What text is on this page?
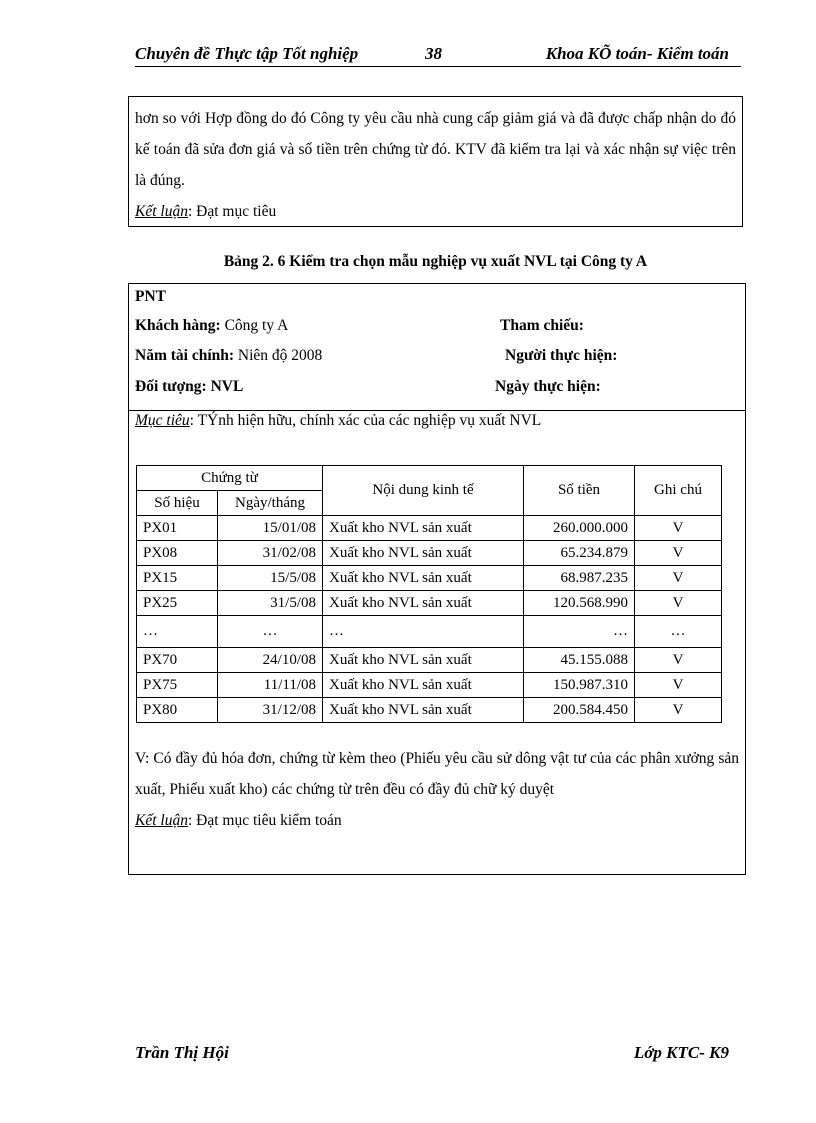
Chuyên đề Thực tập Tốt nghiệp	38	Khoa KÕ toán- Kiểm toán

hơn so với Hợp đồng do đó Công ty yêu cầu nhà cung cấp giảm giá và đã được chấp nhận do đó kế toán đã sửa đơn giá và số tiền trên chứng từ đó. KTV đã kiểm tra lại và xác nhận sự việc trên là đúng.

Kết luận: Đạt mục tiêu

Bảng 2. 6 Kiểm tra chọn mẫu nghiệp vụ xuất NVL tại Công ty A
PNT
Khách hàng: Công ty A	Tham chiếu:
Năm tài chính: Niên độ 2008	Người thực hiện:
Đối tượng: NVL	Ngày thực hiện:
Mục tiêu: TÝnh hiện hữu, chính xác của các nghiệp vụ xuất NVL
Chứng từ		Nội dung kinh tế	Số tiền	Ghi chú
Số hiệu	Ngày/tháng			
PX01	15/01/08	Xuất kho NVL sản xuất	260.000.000	V
PX08	31/02/08	Xuất kho NVL sản xuất	65.234.879	V
PX15	15/5/08	Xuất kho NVL sản xuất	68.987.235	V
PX25	31/5/08	Xuất kho NVL sản xuất	120.568.990	V
…	…	…	…	…
PX70	24/10/08	Xuất kho NVL sản xuất	45.155.088	V
PX75	11/11/08	Xuất kho NVL sản xuất	150.987.310	V
PX80	31/12/08	Xuất kho NVL sản xuất	200.584.450	V

V: Có đầy đủ hóa đơn, chứng từ kèm theo (Phiếu yêu cầu sử dông vật tư của các phân xưởng sản xuất, Phiếu xuất kho) các chứng từ trên đều có đầy đủ chữ ký duyệt

Kết luận: Đạt mục tiêu kiểm toán

Trần Thị Hội	Lớp KTC- K9
